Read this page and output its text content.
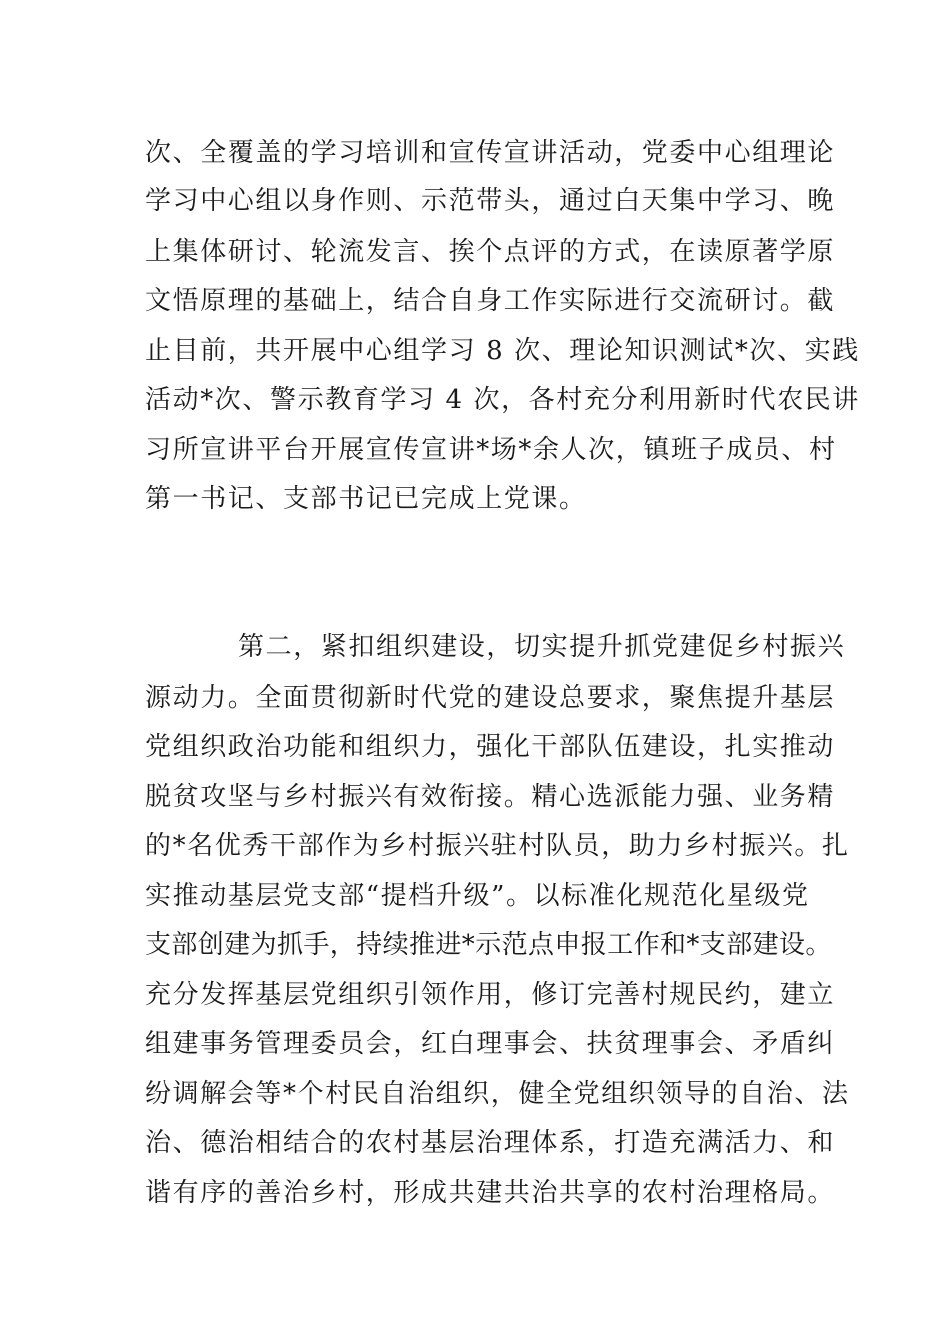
次、全覆盖的学习培训和宣传宣讲活动，党委中心组理论
学习中心组以身作则、示范带头，通过白天集中学习、晚
上集体研讨、轮流发言、挨个点评的方式，在读原著学原
文悟原理的基础上，结合自身工作实际进行交流研讨。截
止目前，共开展中心组学习 8 次、理论知识测试*次、实践
活动*次、警示教育学习 4 次，各村充分利用新时代农民讲
习所宣讲平台开展宣传宣讲*场*余人次，镇班子成员、村
第一书记、支部书记已完成上党课。
第二，紧扣组织建设，切实提升抓党建促乡村振兴
源动力。全面贯彻新时代党的建设总要求，聚焦提升基层
党组织政治功能和组织力，强化干部队伍建设，扎实推动
脱贫攻坚与乡村振兴有效衔接。精心选派能力强、业务精
的*名优秀干部作为乡村振兴驻村队员，助力乡村振兴。扎
实推动基层党支部“提档升级”。以标准化规范化星级党
支部创建为抓手，持续推进*示范点申报工作和*支部建设。
充分发挥基层党组织引领作用，修订完善村规民约，建立
组建事务管理委员会，红白理事会、扶贫理事会、矛盾纠
纷调解会等*个村民自治组织，健全党组织领导的自治、法
治、德治相结合的农村基层治理体系，打造充满活力、和
谐有序的善治乡村，形成共建共治共享的农村治理格局。
